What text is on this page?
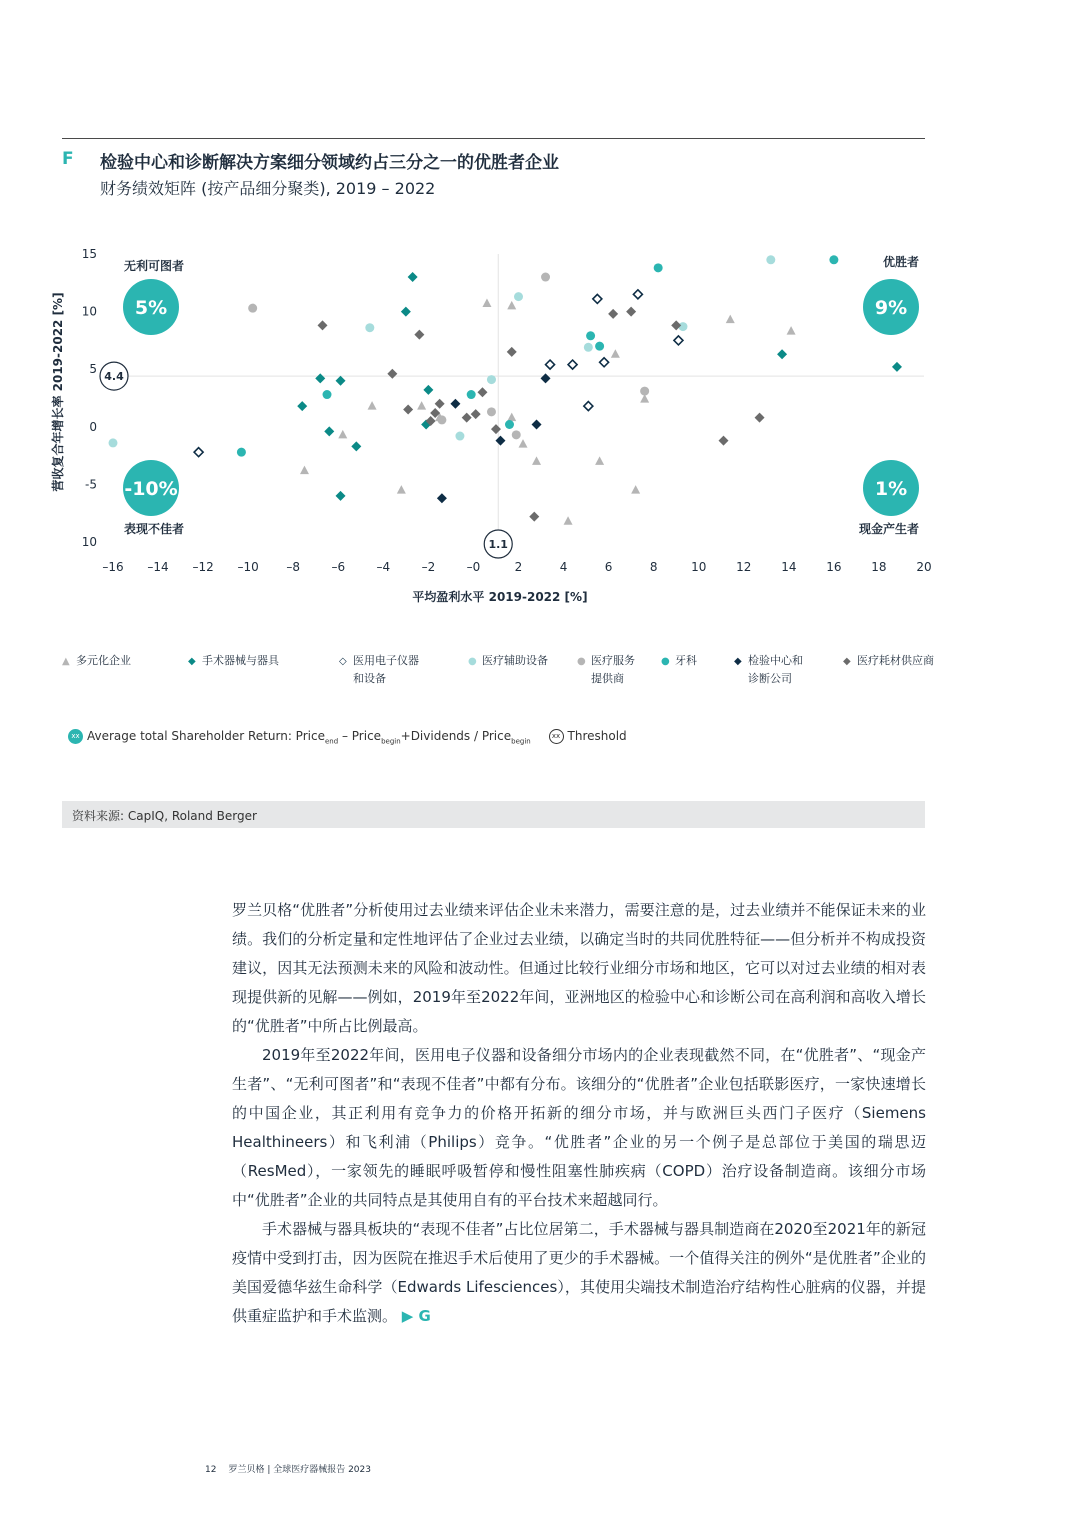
F 检验中心和诊断解决方案细分领域约占三分之一的优胜者企业
财务绩效矩阵 (按产品细分聚类), 2019 – 2022
–16 –14 –12 –10 –8	–6	–4	–2	–0	2	4	6	8	10 12 14 16 18 20
15
10
5
0
-5
10
5%
无利可图者
9%
优胜者
-10%
表现不佳者
1%
现金产生者
4.4
1.1
平均盈利水平 2019-2022 [%]
营收复合年增长率 2019-2022 [%]
▲ 多元化企业	◆ 手术器械与器具	◇ 医用电子仪器
和设备
● 医疗辅助设备	● 医疗服务
提供商
● 牙科	◆ 检验中心和
诊断公司
◆ 医疗耗材供应商
xx Average total Shareholder Return: Price$_{end}$ – Price$_{begin}$+Dividends / Price$_{begin}$ xx Threshold
资料来源: CapIQ, Roland Berger

罗兰贝格“优胜者”分析使用过去业绩来评估企业未来潜力，需要注意的是，过去业绩并不能保证未来的业绩。我们的分析定量和定性地评估了企业过去业绩，以确定当时的共同优胜特征——但分析并不构成投资建议，因其无法预测未来的风险和波动性。但通过比较行业细分市场和地区，它可以对过去业绩的相对表现提供新的见解——例如，2019年至2022年间，亚洲地区的检验中心和诊断公司在高利润和高收入增长的“优胜者”中所占比例最高。

2019年至2022年间，医用电子仪器和设备细分市场内的企业表现截然不同，在“优胜者”、“现金产生者”、“无利可图者”和“表现不佳者”中都有分布。该细分的“优胜者”企业包括联影医疗，一家快速增长的中国企业，其正利用有竞争力的价格开拓新的细分市场，并与欧洲巨头西门子医疗（Siemens Healthineers）和飞利浦（Philips）竞争。“优胜者”企业的另一个例子是总部位于美国的瑞思迈（ResMed），一家领先的睡眠呼吸暂停和慢性阻塞性肺疾病（COPD）治疗设备制造商。该细分市场中“优胜者”企业的共同特点是其使用自有的平台技术来超越同行。

手术器械与器具板块的“表现不佳者”占比位居第二，手术器械与器具制造商在2020至2021年的新冠疫情中受到打击，因为医院在推迟手术后使用了更少的手术器械。一个值得关注的例外“是优胜者”企业的美国爱德华兹生命科学（Edwards Lifesciences），其使用尖端技术制造治疗结构性心脏病的仪器，并提供重症监护和手术监测。 ▶ G

12 罗兰贝格 | 全球医疗器械报告 2023
